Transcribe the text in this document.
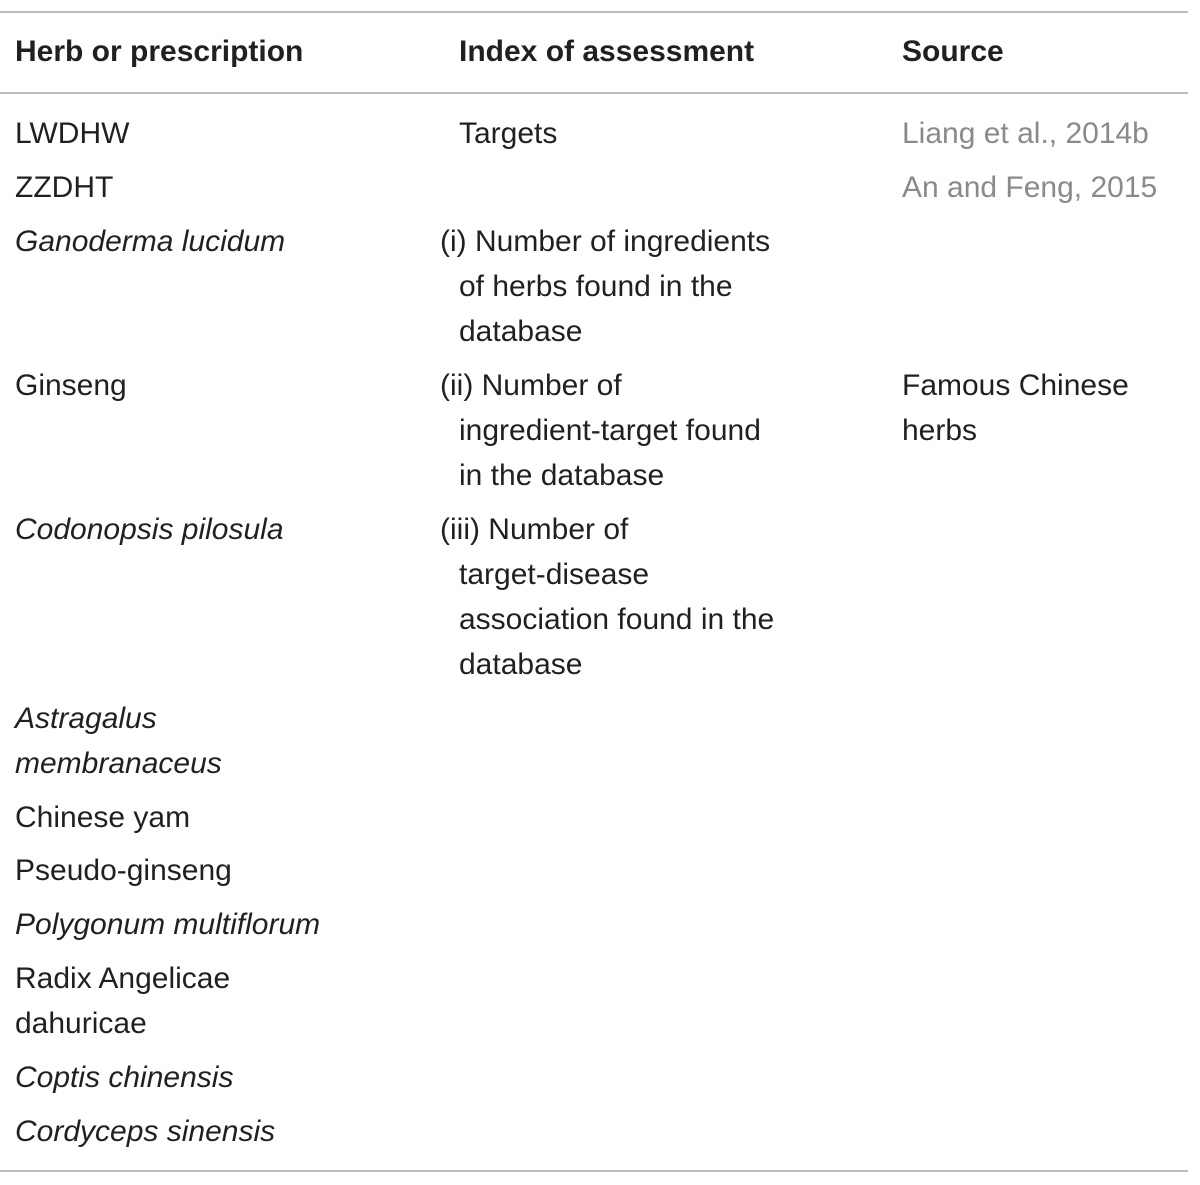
Herb or prescription	Index of assessment	Source
LWDHW
ZZDHT
Ganoderma lucidum
Ginseng
Codonopsis pilosula
Astragalus
membranaceus
Chinese yam
Pseudo-ginseng
Polygonum multiflorum
Radix Angelicae
dahuricae
Coptis chinensis
Cordyceps sinensis
Targets
(i) Number of ingredients
of herbs found in the
database
(ii) Number of
ingredient-target found
in the database
(iii) Number of
target-disease
association found in the
database
Liang et al., 2014b
An and Feng, 2015
Famous Chinese
herbs
